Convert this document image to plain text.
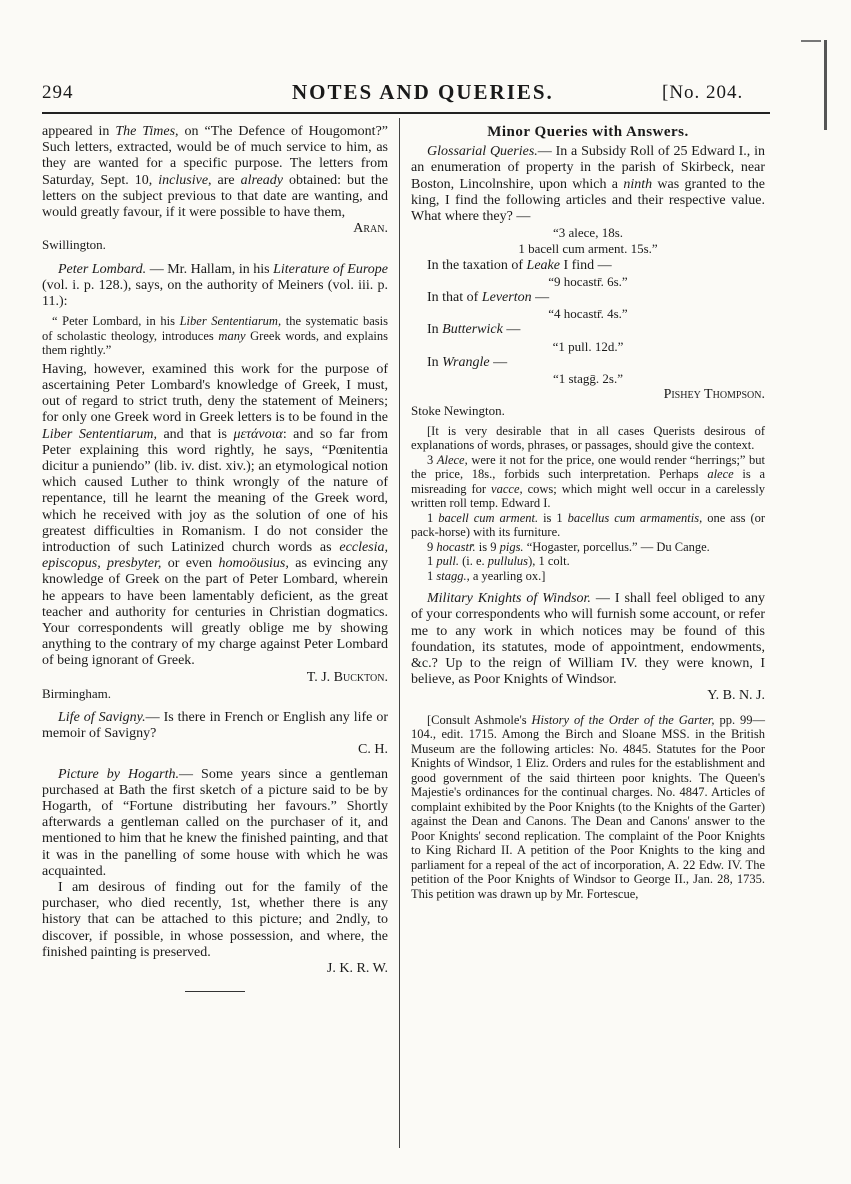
294	NOTES AND QUERIES.	[No. 204.

appeared in The Times, on “The Defence of Hougomont?” Such letters, extracted, would be of much service to him, as they are wanted for a specific purpose. The letters from Saturday, Sept. 10, inclusive, are already obtained: but the letters on the subject previous to that date are wanting, and would greatly favour, if it were possible to have them,

Aran.

Swillington.

Peter Lombard. — Mr. Hallam, in his Literature of Europe (vol. i. p. 128.), says, on the authority of Meiners (vol. iii. p. 11.):

“ Peter Lombard, in his Liber Sententiarum, the systematic basis of scholastic theology, introduces many Greek words, and explains them rightly.”

Having, however, examined this work for the purpose of ascertaining Peter Lombard's knowledge of Greek, I must, out of regard to strict truth, deny the statement of Meiners; for only one Greek word in Greek letters is to be found in the Liber Sententiarum, and that is μετάνοια: and so far from Peter explaining this word rightly, he says, “Pœnitentia dicitur a puniendo” (lib. iv. dist. xiv.); an etymological notion which caused Luther to think wrongly of the nature of repentance, till he learnt the meaning of the Greek word, which he received with joy as the solution of one of his greatest difficulties in Romanism. I do not consider the introduction of such Latinized church words as ecclesia, episcopus, presbyter, or even homoöusius, as evincing any knowledge of Greek on the part of Peter Lombard, wherein he appears to have been lamentably deficient, as the great teacher and authority for centuries in Christian dogmatics. Your correspondents will greatly oblige me by showing anything to the contrary of my charge against Peter Lombard of being ignorant of Greek.

T. J. Buckton.

Birmingham.

Life of Savigny.— Is there in French or English any life or memoir of Savigny?

C. H.

Picture by Hogarth.— Some years since a gentleman purchased at Bath the first sketch of a picture said to be by Hogarth, of “Fortune distributing her favours.” Shortly afterwards a gentleman called on the purchaser of it, and mentioned to him that he knew the finished painting, and that it was in the panelling of some house with which he was acquainted.

I am desirous of finding out for the family of the purchaser, who died recently, 1st, whether there is any history that can be attached to this picture; and 2ndly, to discover, if possible, in whose possession, and where, the finished painting is preserved.

J. K. R. W.

Minor Queries with Answers.

Glossarial Queries.— In a Subsidy Roll of 25 Edward I., in an enumeration of property in the parish of Skirbeck, near Boston, Lincolnshire, upon which a ninth was granted to the king, I find the following articles and their respective value. What where they? —

“3 alece, 18s.

1 bacell cum arment. 15s.”

In the taxation of Leake I find —

“9 hocastr̄. 6s.”

In that of Leverton —

“4 hocastr̄. 4s.”

In Butterwick —

“1 pull. 12d.”

In Wrangle —

“1 stagḡ. 2s.”

Pishey Thompson.

Stoke Newington.

[It is very desirable that in all cases Querists desirous of explanations of words, phrases, or passages, should give the context.

3 Alece, were it not for the price, one would render “herrings;” but the price, 18s., forbids such interpretation. Perhaps alece is a misreading for vacce, cows; which might well occur in a carelessly written roll temp. Edward I.

1 bacell cum arment. is 1 bacellus cum armamentis, one ass (or pack-horse) with its furniture.

9 hocastr̄. is 9 pigs. “Hogaster, porcellus.” — Du Cange.

1 pull. (i. e. pullulus), 1 colt.

1 stagg., a yearling ox.]

Military Knights of Windsor. — I shall feel obliged to any of your correspondents who will furnish some account, or refer me to any work in which notices may be found of this foundation, its statutes, mode of appointment, endowments, &c.? Up to the reign of William IV. they were known, I believe, as Poor Knights of Windsor.

Y. B. N. J.

[Consult Ashmole's History of the Order of the Garter, pp. 99—104., edit. 1715. Among the Birch and Sloane MSS. in the British Museum are the following articles: No. 4845. Statutes for the Poor Knights of Windsor, 1 Eliz. Orders and rules for the establishment and good government of the said thirteen poor knights. The Queen's Majestie's ordinances for the continual charges. No. 4847. Articles of complaint exhibited by the Poor Knights (to the Knights of the Garter) against the Dean and Canons. The Dean and Canons' answer to the Poor Knights' second replication. The complaint of the Poor Knights to King Richard II. A petition of the Poor Knights to the king and parliament for a repeal of the act of incorporation, A. 22 Edw. IV. The petition of the Poor Knights of Windsor to George II., Jan. 28, 1735. This petition was drawn up by Mr. Fortescue,
